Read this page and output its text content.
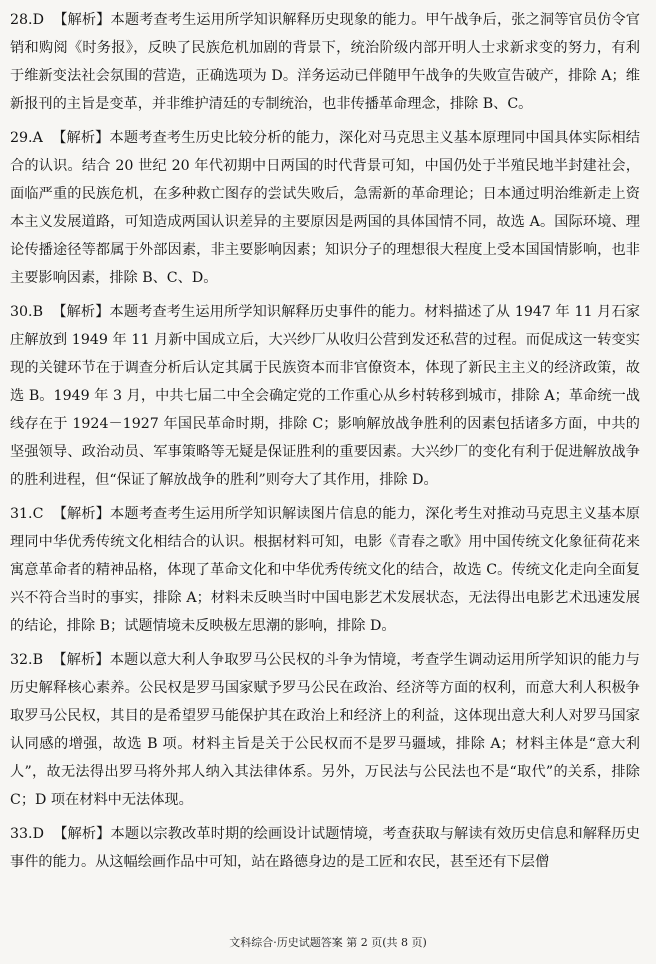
28.D 【解析】本题考查考生运用所学知识解释历史现象的能力。甲午战争后，张之洞等官员仿令官销和购阅《时务报》，反映了民族危机加剧的背景下，统治阶级内部开明人士求新求变的努力，有利于维新变法社会氛围的营造，正确选项为 D。洋务运动已伴随甲午战争的失败宣告破产，排除 A；维新报刊的主旨是变革，并非维护清廷的专制统治，也非传播革命理念，排除 B、C。

29.A 【解析】本题考查考生历史比较分析的能力，深化对马克思主义基本原理同中国具体实际相结合的认识。结合 20 世纪 20 年代初期中日两国的时代背景可知，中国仍处于半殖民地半封建社会，面临严重的民族危机，在多种救亡图存的尝试失败后，急需新的革命理论；日本通过明治维新走上资本主义发展道路，可知造成两国认识差异的主要原因是两国的具体国情不同，故选 A。国际环境、理论传播途径等都属于外部因素，非主要影响因素；知识分子的理想很大程度上受本国国情影响，也非主要影响因素，排除 B、C、D。

30.B 【解析】本题考查考生运用所学知识解释历史事件的能力。材料描述了从 1947 年 11 月石家庄解放到 1949 年 11 月新中国成立后，大兴纱厂从收归公营到发还私营的过程。而促成这一转变实现的关键环节在于调查分析后认定其属于民族资本而非官僚资本，体现了新民主主义的经济政策，故选 B。1949 年 3 月，中共七届二中全会确定党的工作重心从乡村转移到城市，排除 A；革命统一战线存在于 1924－1927 年国民革命时期，排除 C；影响解放战争胜利的因素包括诸多方面，中共的坚强领导、政治动员、军事策略等无疑是保证胜利的重要因素。大兴纱厂的变化有利于促进解放战争的胜利进程，但“保证了解放战争的胜利”则夸大了其作用，排除 D。

31.C 【解析】本题考查考生运用所学知识解读图片信息的能力，深化考生对推动马克思主义基本原理同中华优秀传统文化相结合的认识。根据材料可知，电影《青春之歌》用中国传统文化象征荷花来寓意革命者的精神品格，体现了革命文化和中华优秀传统文化的结合，故选 C。传统文化走向全面复兴不符合当时的事实，排除 A；材料未反映当时中国电影艺术发展状态，无法得出电影艺术迅速发展的结论，排除 B；试题情境未反映极左思潮的影响，排除 D。

32.B 【解析】本题以意大利人争取罗马公民权的斗争为情境，考查学生调动运用所学知识的能力与历史解释核心素养。公民权是罗马国家赋予罗马公民在政治、经济等方面的权利，而意大利人积极争取罗马公民权，其目的是希望罗马能保护其在政治上和经济上的利益，这体现出意大利人对罗马国家认同感的增强，故选 B 项。材料主旨是关于公民权而不是罗马疆域，排除 A；材料主体是“意大利人”，故无法得出罗马将外邦人纳入其法律体系。另外，万民法与公民法也不是“取代”的关系，排除 C；D 项在材料中无法体现。

33.D 【解析】本题以宗教改革时期的绘画设计试题情境，考查获取与解读有效历史信息和解释历史事件的能力。从这幅绘画作品中可知，站在路德身边的是工匠和农民，甚至还有下层僧

文科综合·历史试题答案 第 2 页(共 8 页)
